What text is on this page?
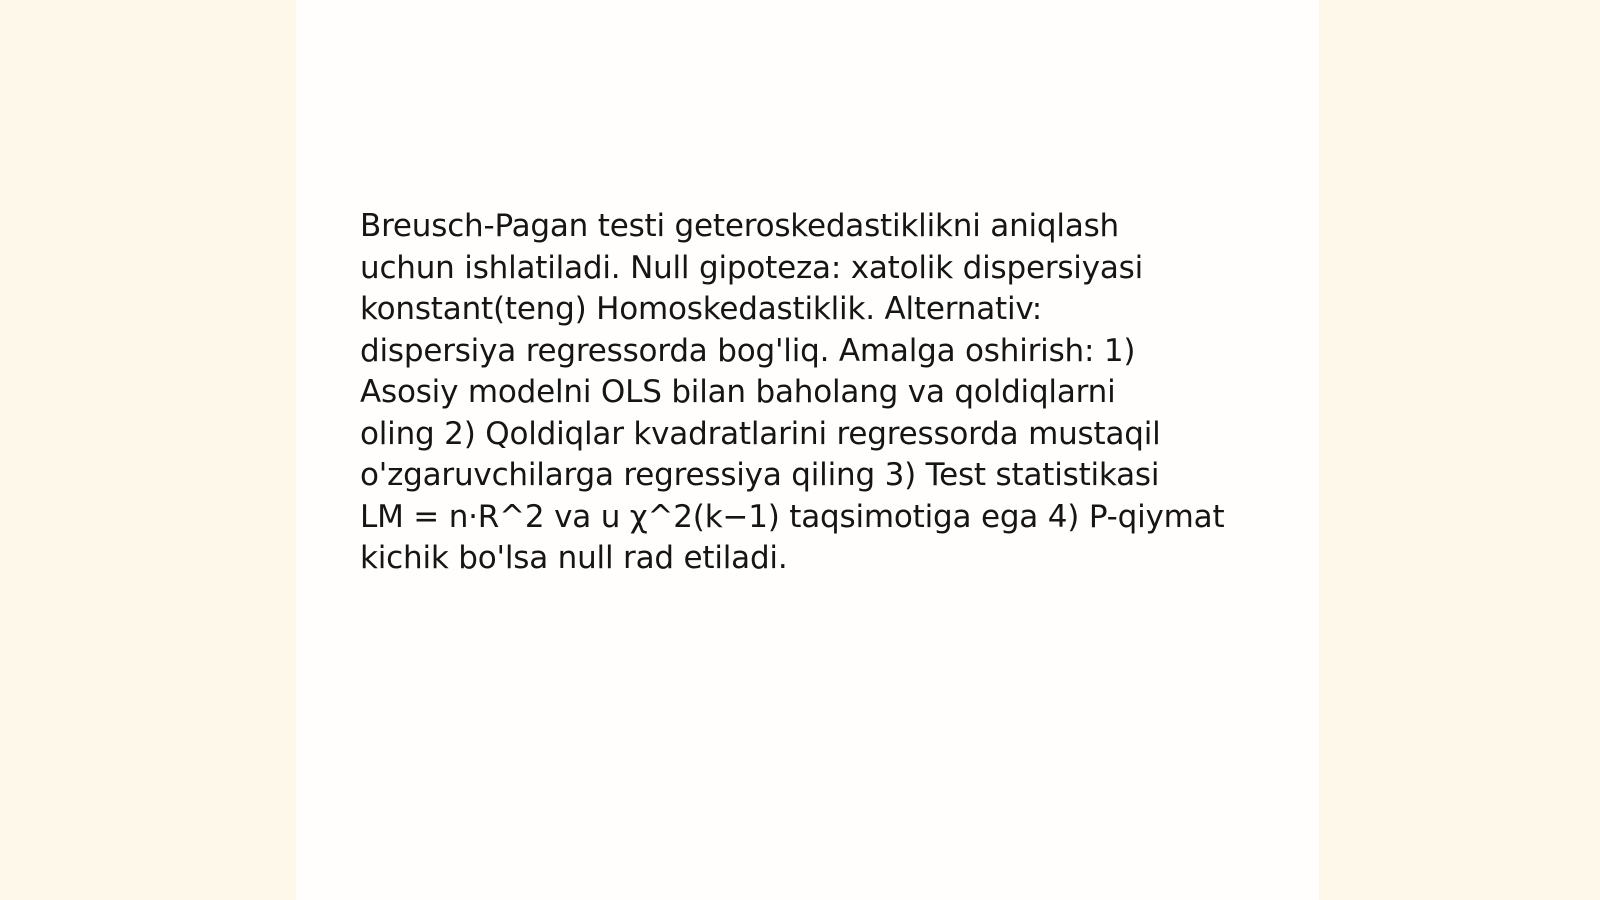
Breusch-Pagan testi geteroskedastiklikni aniqlash
uchun ishlatiladi. Null gipoteza: xatolik dispersiyasi
konstant(teng) Homoskedastiklik. Alternativ:
dispersiya regressorda bog'liq. Amalga oshirish: 1)
Asosiy modelni OLS bilan baholang va qoldiqlarni
oling 2) Qoldiqlar kvadratlarini regressorda mustaqil
o'zgaruvchilarga regressiya qiling 3) Test statistikasi
LM = n·R^2 va u χ^2(k−1) taqsimotiga ega 4) P-qiymat
kichik bo'lsa null rad etiladi.
